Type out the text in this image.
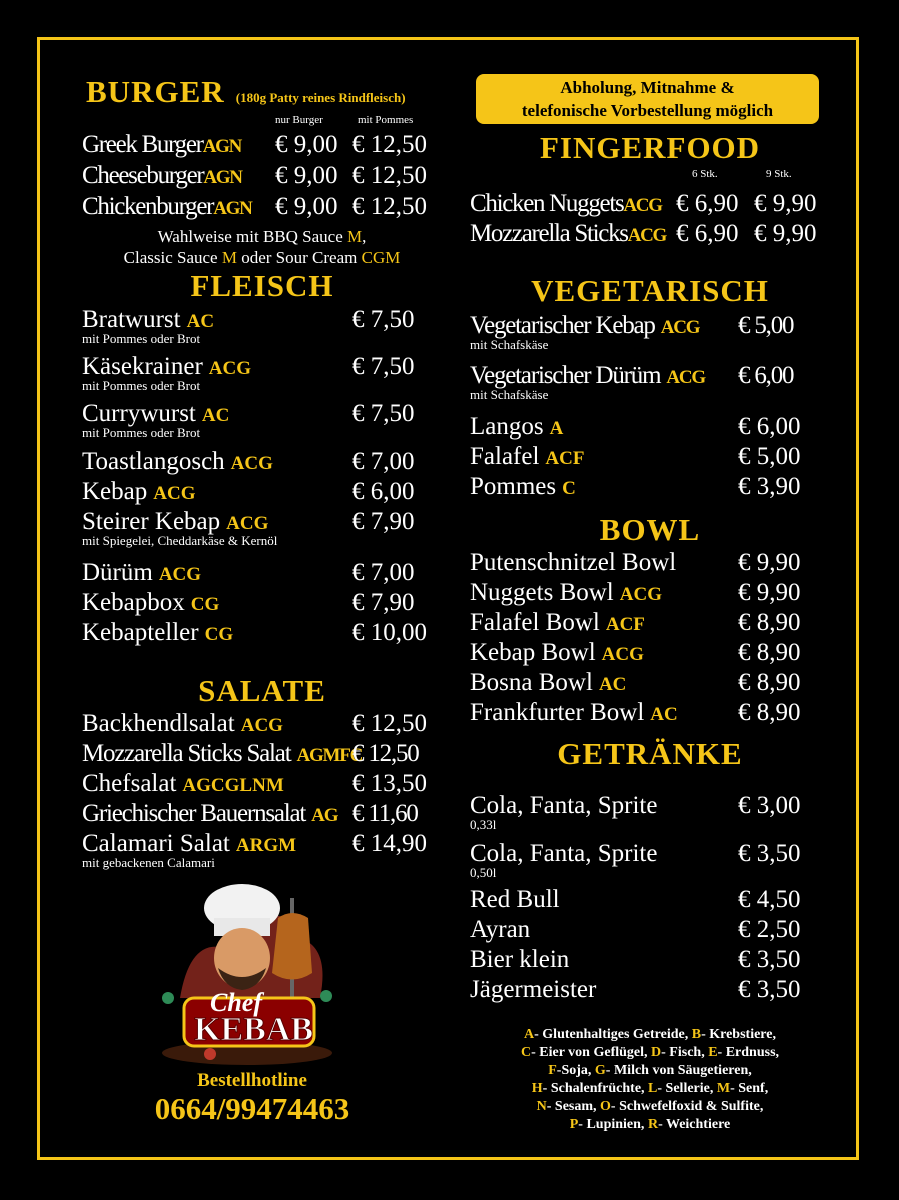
BURGER (180g Patty reines Rindfleisch)
nur Burger	mit Pommes
Greek BurgerAGN € 9,00 € 12,50
CheeseburgerAGN € 9,00 € 12,50
ChickenburgerAGN € 9,00 € 12,50
Wahlweise mit BBQ Sauce M,
Classic Sauce M oder Sour Cream CGM
FLEISCH
Bratwurst AC	€ 7,50
mit Pommes oder Brot
Käsekrainer ACG	€ 7,50
mit Pommes oder Brot
Currywurst AC	€ 7,50
mit Pommes oder Brot
Toastlangosch ACG	€ 7,00
Kebap ACG	€ 6,00
Steirer Kebap ACG	€ 7,90
mit Spiegelei, Cheddarkäse & Kernöl
Dürüm ACG	€ 7,00
Kebapbox CG	€ 7,90
Kebapteller CG	€ 10,00
SALATE
Backhendlsalat ACG	€ 12,50
Mozzarella Sticks Salat AGMFC
€ 12,50
Chefsalat AGCGLNM	€ 13,50
Griechischer Bauernsalat AG € 11,60
Calamari Salat ARGM € 14,90
mit gebackenen Calamari
Chef
KEBAB
Bestellhotline
0664/99474463
Abholung, Mitnahme &
telefonische Vorbestellung möglich
FINGERFOOD
6 Stk.	9 Stk.
Chicken NuggetsACG € 6,90 € 9,90
Mozzarella SticksACG € 6,90 € 9,90
VEGETARISCH
Vegetarischer Kebap ACG € 5,00
mit Schafskäse
Vegetarischer Dürüm ACG € 6,00
mit Schafskäse
Langos A	€ 6,00
Falafel ACF	€ 5,00
Pommes C	€ 3,90
BOWL
Putenschnitzel Bowl € 9,90
Nuggets Bowl ACG	€ 9,90
Falafel Bowl ACF	€ 8,90
Kebap Bowl ACG	€ 8,90
Bosna Bowl AC	€ 8,90
Frankfurter Bowl AC € 8,90
GETRÄNKE
Cola, Fanta, Sprite	€ 3,00
0,33l
Cola, Fanta, Sprite	€ 3,50
0,50l
Red Bull	€ 4,50
Ayran	€ 2,50
Bier klein	€ 3,50
Jägermeister	€ 3,50
A- Glutenhaltiges Getreide, B- Krebstiere,
C- Eier von Geflügel, D- Fisch, E- Erdnuss,
F-Soja, G- Milch von Säugetieren,
H- Schalenfrüchte, L- Sellerie, M- Senf,
N- Sesam, O- Schwefelfoxid & Sulfite,
P- Lupinien, R- Weichtiere
